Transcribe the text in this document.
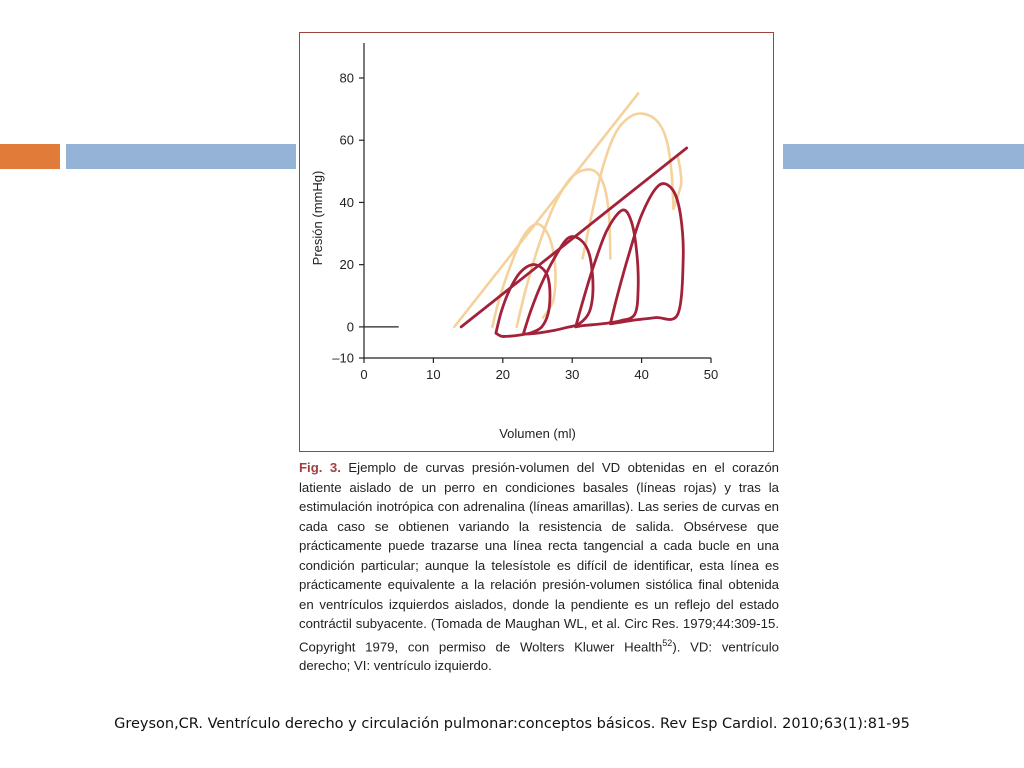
–10
0
20
40
60
80
0	10	20	30	40	50
Volumen (ml)
Presión (mmHg)
Fig. 3. Ejemplo de curvas presión-volumen del VD obtenidas en el corazón latiente aislado de un perro en condiciones basales (líneas rojas) y tras la estimulación inotrópica con adrenalina (líneas amarillas). Las series de curvas en cada caso se obtienen variando la resistencia de salida. Obsérvese que prácticamente puede trazarse una línea recta tangencial a cada bucle en una condición particular; aunque la telesístole es difícil de identificar, esta línea es prácticamente equivalente a la relación presión-volumen sistólica final obtenida en ventrículos izquierdos aislados, donde la pendiente es un reflejo del estado contráctil subyacente. (Tomada de Maughan WL, et al. Circ Res. 1979;44:309-15. Copyright 1979, con permiso de Wolters Kluwer Health$^{52}$). VD: ventrículo derecho; VI: ventrículo izquierdo.
Greyson,CR. Ventrículo derecho y circulación pulmonar:conceptos básicos. Rev Esp Cardiol. 2010;63(1):81-95
